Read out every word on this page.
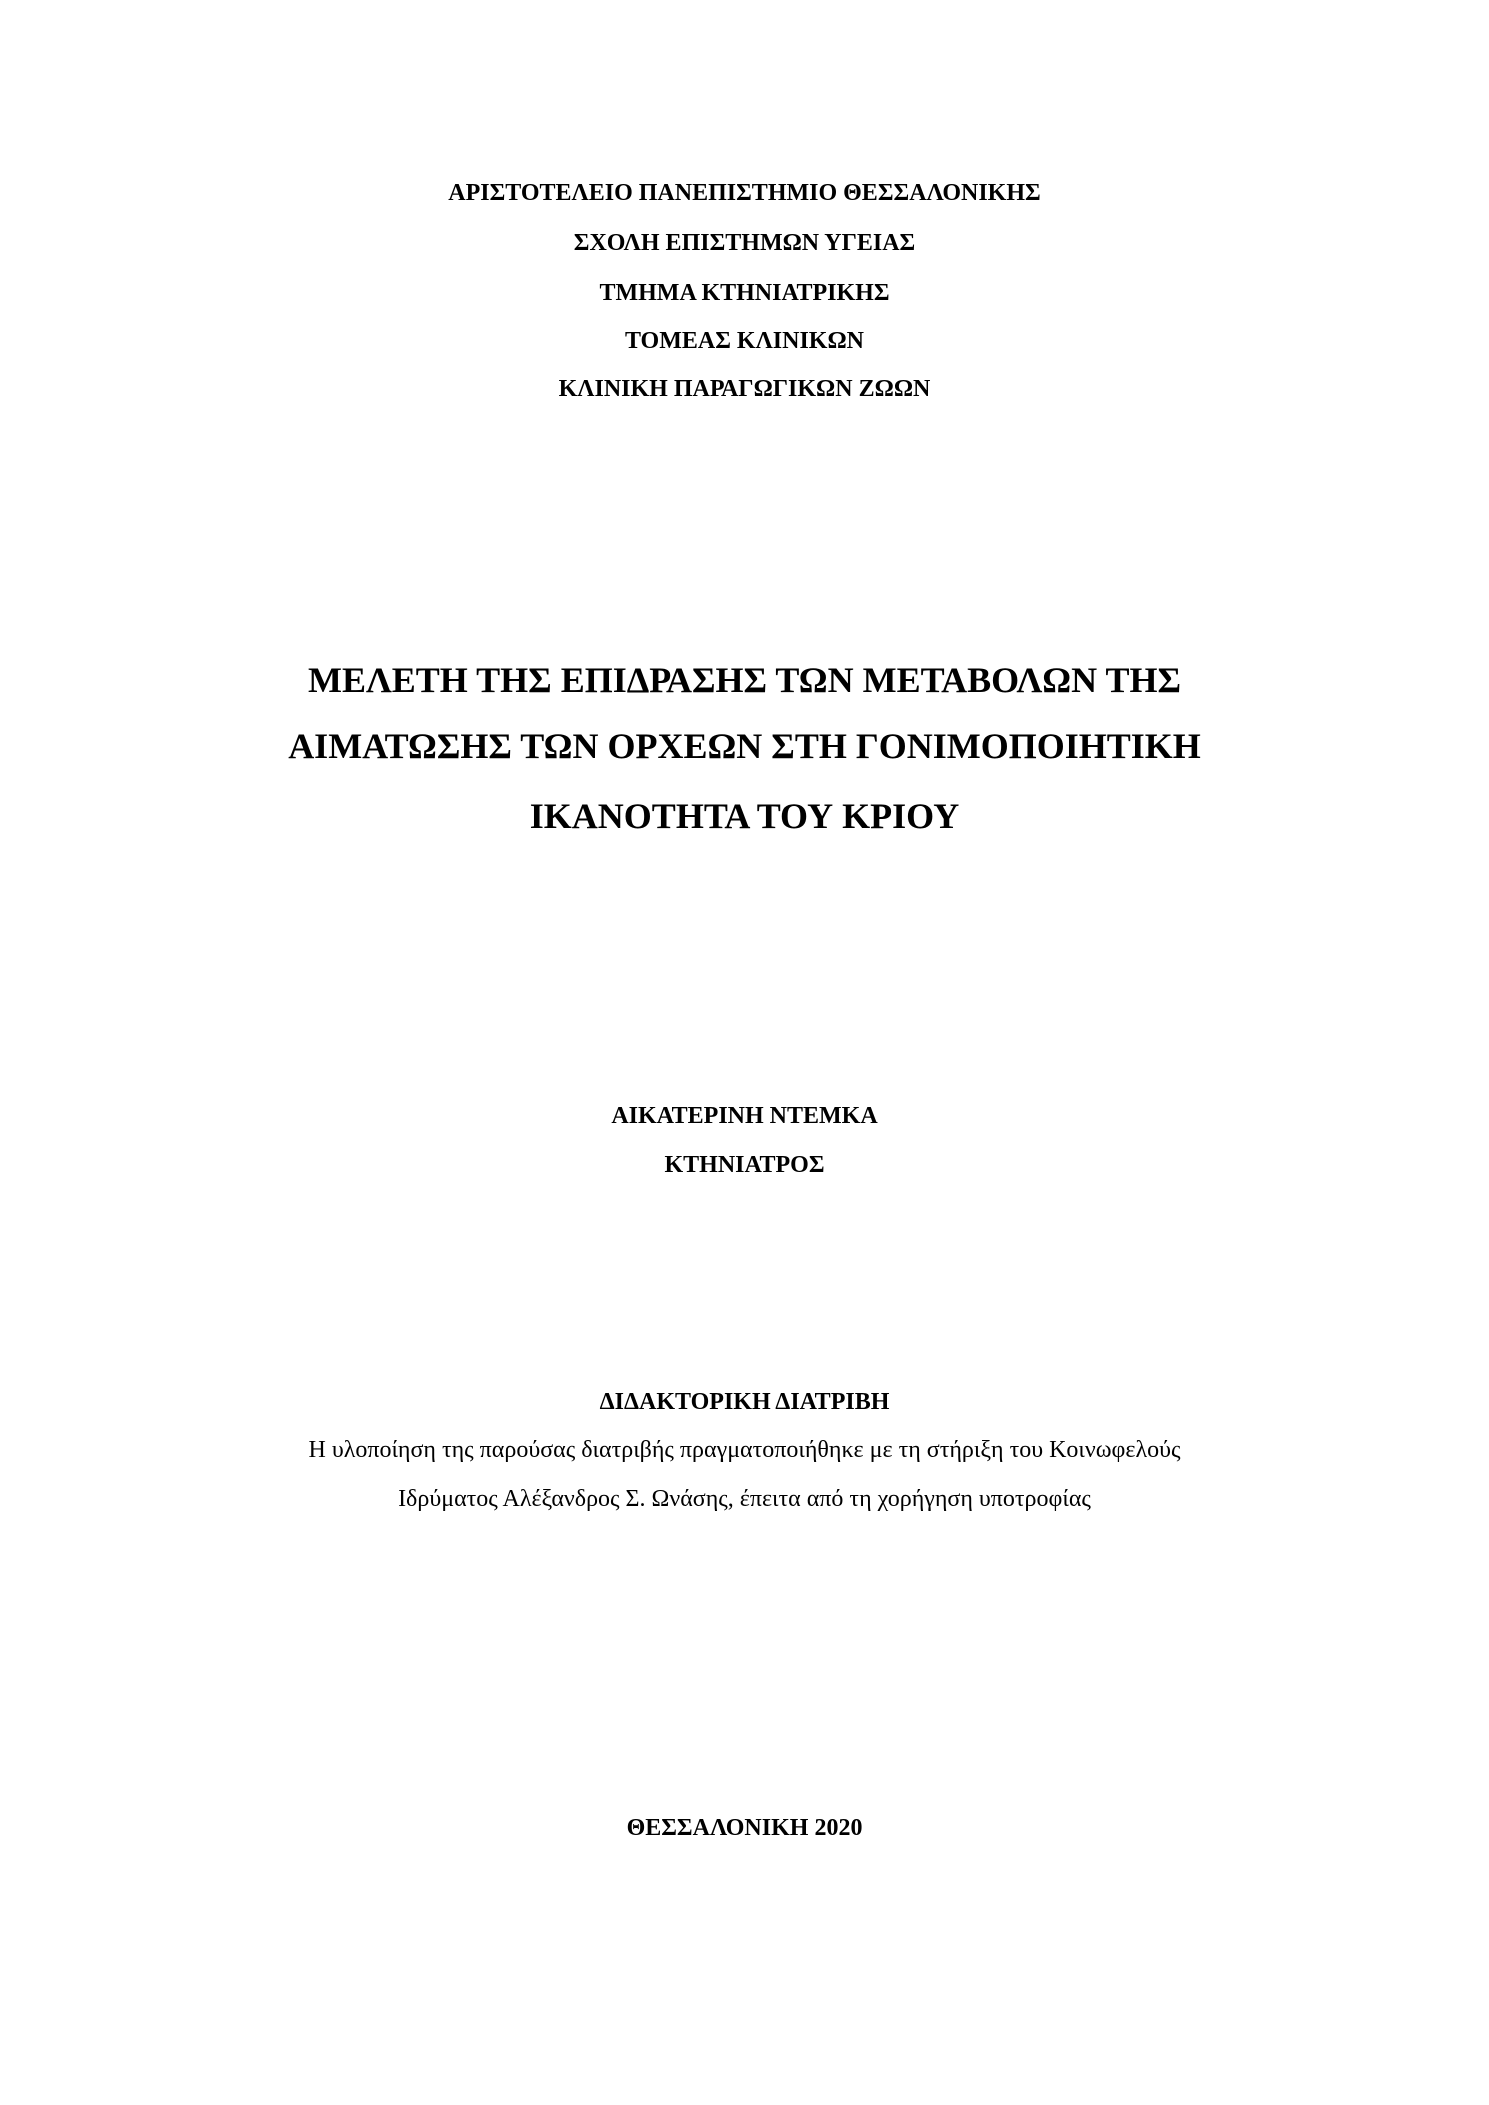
ΑΡΙΣΤΟΤΕΛΕΙΟ ΠΑΝΕΠΙΣΤΗΜΙΟ ΘΕΣΣΑΛΟΝΙΚΗΣ
ΣΧΟΛΗ ΕΠΙΣΤΗΜΩΝ ΥΓΕΙΑΣ
ΤΜΗΜΑ ΚΤΗΝΙΑΤΡΙΚΗΣ
ΤΟΜΕΑΣ ΚΛΙΝΙΚΩΝ
ΚΛΙΝΙΚΗ ΠΑΡΑΓΩΓΙΚΩΝ ΖΩΩΝ
ΜΕΛΕΤΗ ΤΗΣ ΕΠΙΔΡΑΣΗΣ ΤΩΝ ΜΕΤΑΒΟΛΩΝ ΤΗΣ
ΑΙΜΑΤΩΣΗΣ ΤΩΝ ΟΡΧΕΩΝ ΣΤΗ ΓΟΝΙΜΟΠΟΙΗΤΙΚΗ
ΙΚΑΝΟΤΗΤΑ ΤΟΥ ΚΡΙΟΥ
ΑΙΚΑΤΕΡΙΝΗ ΝΤΕΜΚΑ
ΚΤΗΝΙΑΤΡΟΣ
ΔΙΔΑΚΤΟΡΙΚΗ ΔΙΑΤΡΙΒΗ
Η υλοποίηση της παρούσας διατριβής πραγματοποιήθηκε με τη στήριξη του Κοινωφελούς
Ιδρύματος Αλέξανδρος Σ. Ωνάσης, έπειτα από τη χορήγηση υποτροφίας
ΘΕΣΣΑΛΟΝΙΚΗ 2020
